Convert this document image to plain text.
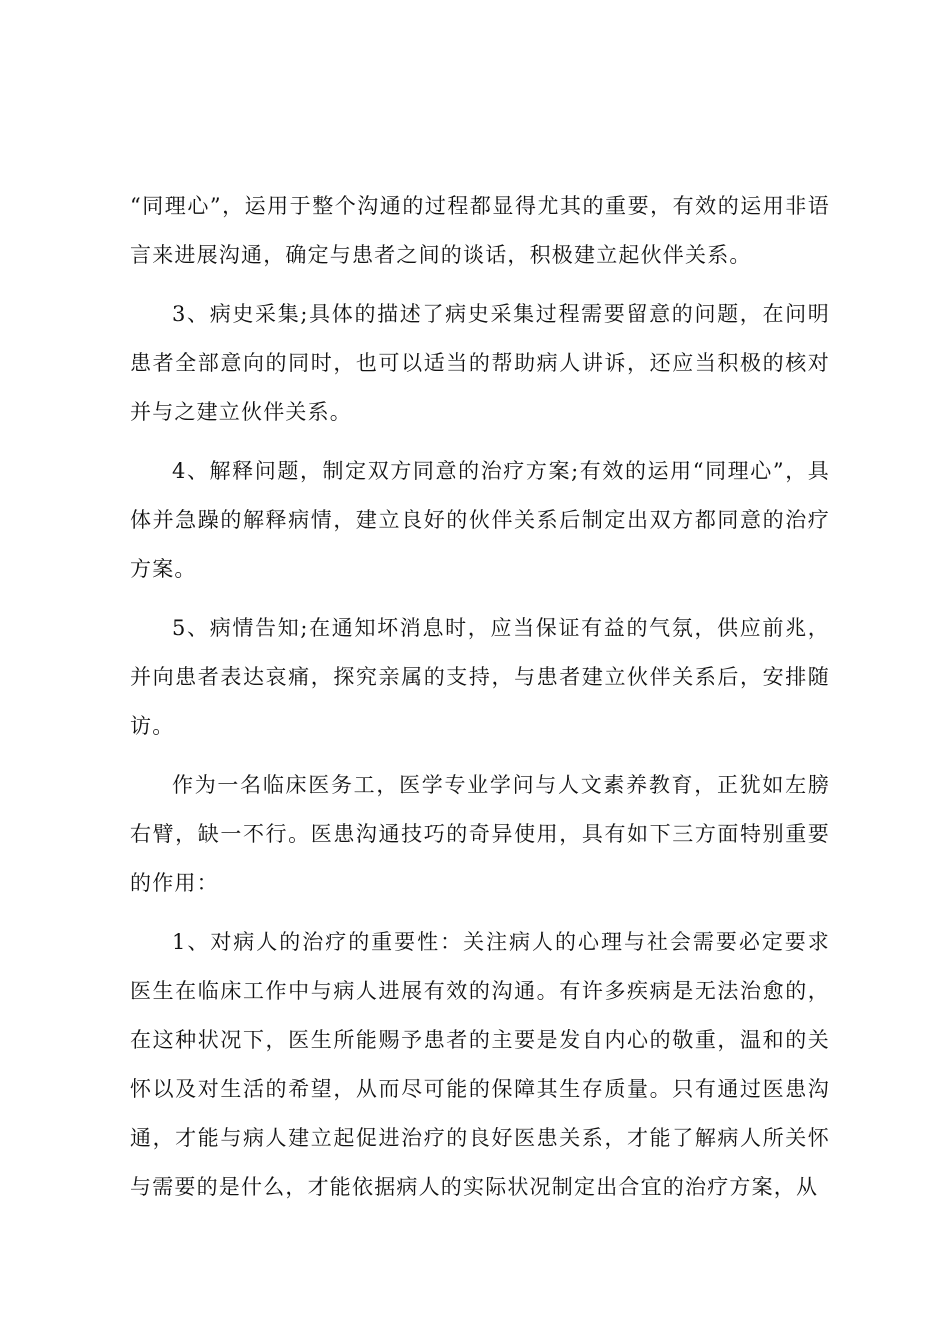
“同理心”，运用于整个沟通的过程都显得尤其的重要，有效的运用非语言来进展沟通，确定与患者之间的谈话，积极建立起伙伴关系。

3、病史采集;具体的描述了病史采集过程需要留意的问题，在问明患者全部意向的同时，也可以适当的帮助病人讲诉，还应当积极的核对并与之建立伙伴关系。

4、解释问题，制定双方同意的治疗方案;有效的运用“同理心”，具体并急躁的解释病情，建立良好的伙伴关系后制定出双方都同意的治疗方案。

5、病情告知;在通知坏消息时，应当保证有益的气氛，供应前兆，并向患者表达哀痛，探究亲属的支持，与患者建立伙伴关系后，安排随访。

作为一名临床医务工，医学专业学问与人文素养教育，正犹如左膀右臂，缺一不行。医患沟通技巧的奇异使用，具有如下三方面特别重要的作用：

1、对病人的治疗的重要性：关注病人的心理与社会需要必定要求医生在临床工作中与病人进展有效的沟通。有许多疾病是无法治愈的，在这种状况下，医生所能赐予患者的主要是发自内心的敬重，温和的关怀以及对生活的希望，从而尽可能的保障其生存质量。只有通过医患沟通，才能与病人建立起促进治疗的良好医患关系，才能了解病人所关怀与需要的是什么，才能依据病人的实际状况制定出合宜的治疗方案，从
